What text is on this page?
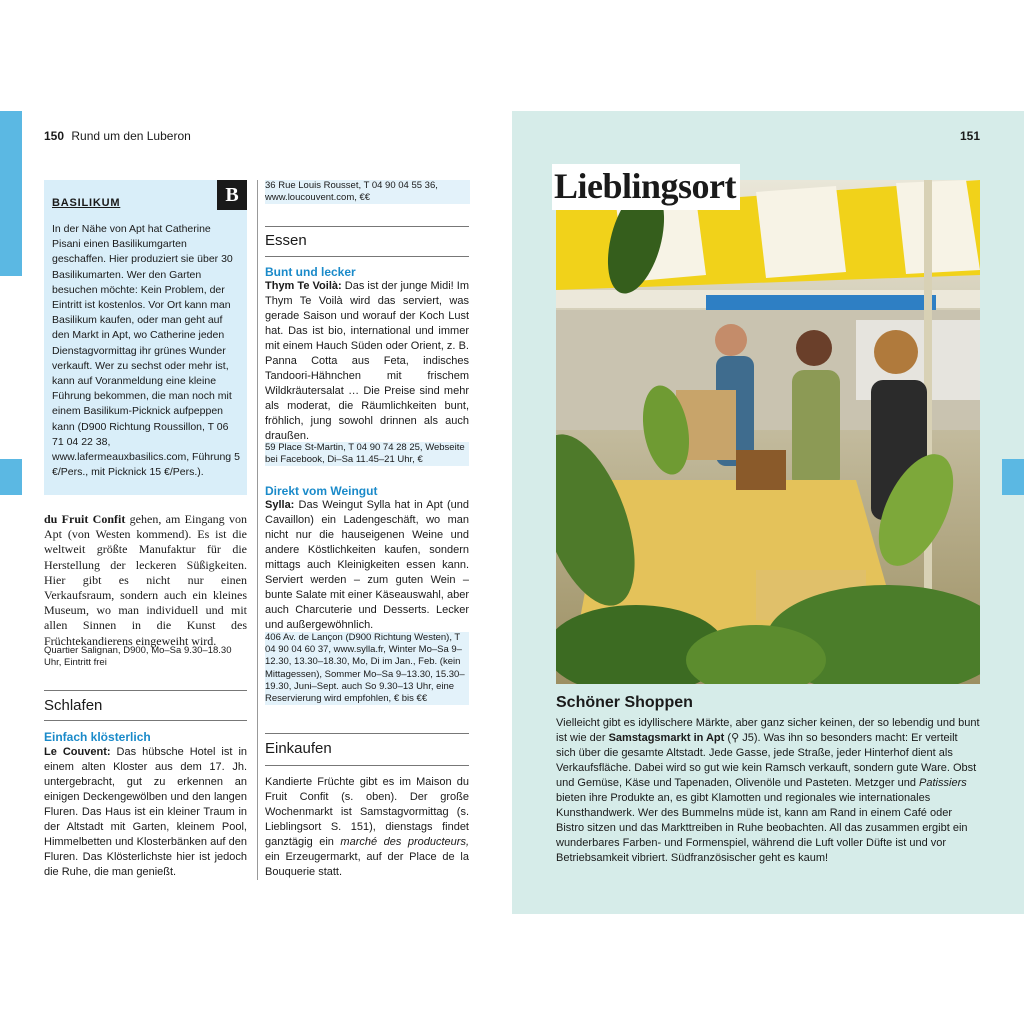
150 Rund um den Luberon
B
BASILIKUM

In der Nähe von Apt hat Catherine Pisani einen Basilikumgarten geschaffen. Hier produziert sie über 30 Basilikumarten. Wer den Garten besuchen möchte: Kein Problem, der Eintritt ist kostenlos. Vor Ort kann man Basilikum kaufen, oder man geht auf den Markt in Apt, wo Catherine jeden Dienstagvormittag ihr grünes Wunder verkauft. Wer zu sechst oder mehr ist, kann auf Voranmeldung eine kleine Führung bekommen, die man noch mit einem Basilikum-Picknick aufpeppen kann (D900 Richtung Roussillon, T 06 71 04 22 38, www.lafermeauxbasilics.com, Führung 5 €/Pers., mit Picknick 15 €/Pers.).

du Fruit Confit gehen, am Eingang von Apt (von Westen kommend). Es ist die weltweit größte Manufaktur für die Herstellung der leckeren Süßigkeiten. Hier gibt es nicht nur einen Verkaufsraum, sondern auch ein kleines Museum, wo man individuell und mit allen Sinnen in die Kunst des Früchtekandierens eingeweiht wird.
Quartier Salignan, D900, Mo–Sa 9.30–18.30 Uhr, Eintritt frei
Schlafen
Einfach klösterlich
Le Couvent: Das hübsche Hotel ist in einem alten Kloster aus dem 17. Jh. untergebracht, gut zu erkennen an einigen Deckengewölben und den langen Fluren. Das Haus ist ein kleiner Traum in der Altstadt mit Garten, kleinem Pool, Himmelbetten und Klosterbänken auf den Fluren. Das Klösterlichste hier ist jedoch die Ruhe, die man genießt.
36 Rue Louis Rousset, T 04 90 04 55 36, www.loucouvent.com, €€
Essen
Bunt und lecker
Thym Te Voilà: Das ist der junge Midi! Im Thym Te Voilà wird das serviert, was gerade Saison und worauf der Koch Lust hat. Das ist bio, international und immer mit einem Hauch Süden oder Orient, z. B. Panna Cotta aus Feta, indisches Tandoori-Hähnchen mit frischem Wildkräutersalat … Die Preise sind mehr als moderat, die Räumlichkeiten bunt, fröhlich, jung sowohl drinnen als auch draußen.
59 Place St-Martin, T 04 90 74 28 25, Webseite bei Facebook, Di–Sa 11.45–21 Uhr, €
Direkt vom Weingut
Sylla: Das Weingut Sylla hat in Apt (und Cavaillon) ein Ladengeschäft, wo man nicht nur die hauseigenen Weine und andere Köstlichkeiten kaufen, sondern mittags auch Kleinigkeiten essen kann. Serviert werden – zum guten Wein – bunte Salate mit einer Käseauswahl, aber auch Charcuterie und Desserts. Lecker und außergewöhnlich.
406 Av. de Lançon (D900 Richtung Westen), T 04 90 04 60 37, www.sylla.fr, Winter Mo–Sa 9–12.30, 13.30–18.30, Mo, Di im Jan., Feb. (kein Mittagessen), Sommer Mo–Sa 9–13.30, 15.30–19.30, Juni–Sept. auch So 9.30–13 Uhr, eine Reservierung wird empfohlen, € bis €€
Einkaufen
Kandierte Früchte gibt es im Maison du Fruit Confit (s. oben). Der große Wochenmarkt ist Samstagvormittag (s. Lieblingsort S. 151), dienstags findet ganztägig ein marché des producteurs, ein Erzeugermarkt, auf der Place de la Bouquerie statt.
151
Lieblingsort
Schöner Shoppen
Vielleicht gibt es idyllischere Märkte, aber ganz sicher keinen, der so lebendig und bunt ist wie der Samstagsmarkt in Apt (⚲ J5). Was ihn so besonders macht: Er verteilt sich über die gesamte Altstadt. Jede Gasse, jede Straße, jeder Hinterhof dient als Verkaufsfläche. Dabei wird so gut wie kein Ramsch verkauft, sondern gute Ware. Obst und Gemüse, Käse und Tapenaden, Olivenöle und Pasteten. Metzger und Patissiers bieten ihre Produkte an, es gibt Klamotten und regionales wie internationales Kunsthandwerk. Wer des Bummelns müde ist, kann am Rand in einem Café oder Bistro sitzen und das Markttreiben in Ruhe beobachten. All das zusammen ergibt ein wunderbares Farben- und Formenspiel, während die Luft voller Düfte ist und vor Betriebsamkeit vibriert. Südfranzösischer geht es kaum!
